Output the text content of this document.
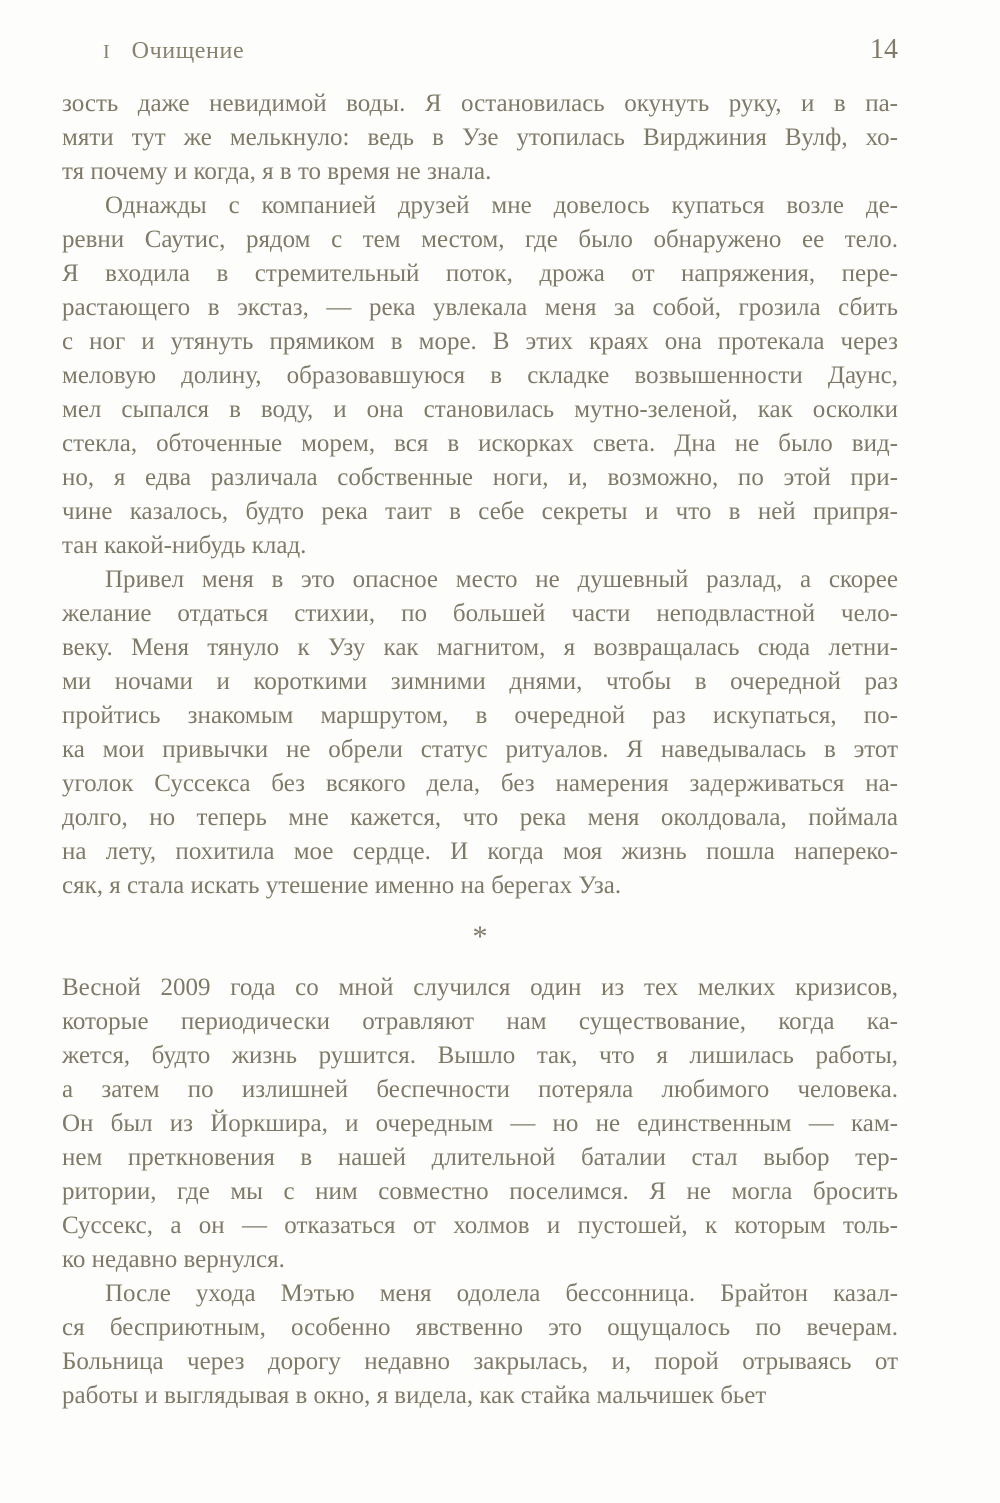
I Очищение	14
зость даже невидимой воды. Я остановилась окунуть руку, и в па-
мяти тут же мелькнуло: ведь в Узе утопилась Вирджиния Вулф, хо-
тя почему и когда, я в то время не знала.
Однажды с компанией друзей мне довелось купаться возле де-
ревни Саутис, рядом с тем местом, где было обнаружено ее тело.
Я входила в стремительный поток, дрожа от напряжения, пере-
растающего в экстаз, — река увлекала меня за собой, грозила сбить
с ног и утянуть прямиком в море. В этих краях она протекала через
меловую долину, образовавшуюся в складке возвышенности Даунс,
мел сыпался в воду, и она становилась мутно-зеленой, как осколки
стекла, обточенные морем, вся в искорках света. Дна не было вид-
но, я едва различала собственные ноги, и, возможно, по этой при-
чине казалось, будто река таит в себе секреты и что в ней припря-
тан какой-нибудь клад.
Привел меня в это опасное место не душевный разлад, а скорее
желание отдаться стихии, по большей части неподвластной чело-
веку. Меня тянуло к Узу как магнитом, я возвращалась сюда летни-
ми ночами и короткими зимними днями, чтобы в очередной раз
пройтись знакомым маршрутом, в очередной раз искупаться, по-
ка мои привычки не обрели статус ритуалов. Я наведывалась в этот
уголок Суссекса без всякого дела, без намерения задерживаться на-
долго, но теперь мне кажется, что река меня околдовала, поймала
на лету, похитила мое сердце. И когда моя жизнь пошла напереко-
сяк, я стала искать утешение именно на берегах Уза.
*
Весной 2009 года со мной случился один из тех мелких кризисов,
которые периодически отравляют нам существование, когда ка-
жется, будто жизнь рушится. Вышло так, что я лишилась работы,
а затем по излишней беспечности потеряла любимого человека.
Он был из Йоркшира, и очередным — но не единственным — кам-
нем преткновения в нашей длительной баталии стал выбор тер-
ритории, где мы с ним совместно поселимся. Я не могла бросить
Суссекс, а он — отказаться от холмов и пустошей, к которым толь-
ко недавно вернулся.
После ухода Мэтью меня одолела бессонница. Брайтон казал-
ся бесприютным, особенно явственно это ощущалось по вечерам.
Больница через дорогу недавно закрылась, и, порой отрываясь от
работы и выглядывая в окно, я видела, как стайка мальчишек бьет
